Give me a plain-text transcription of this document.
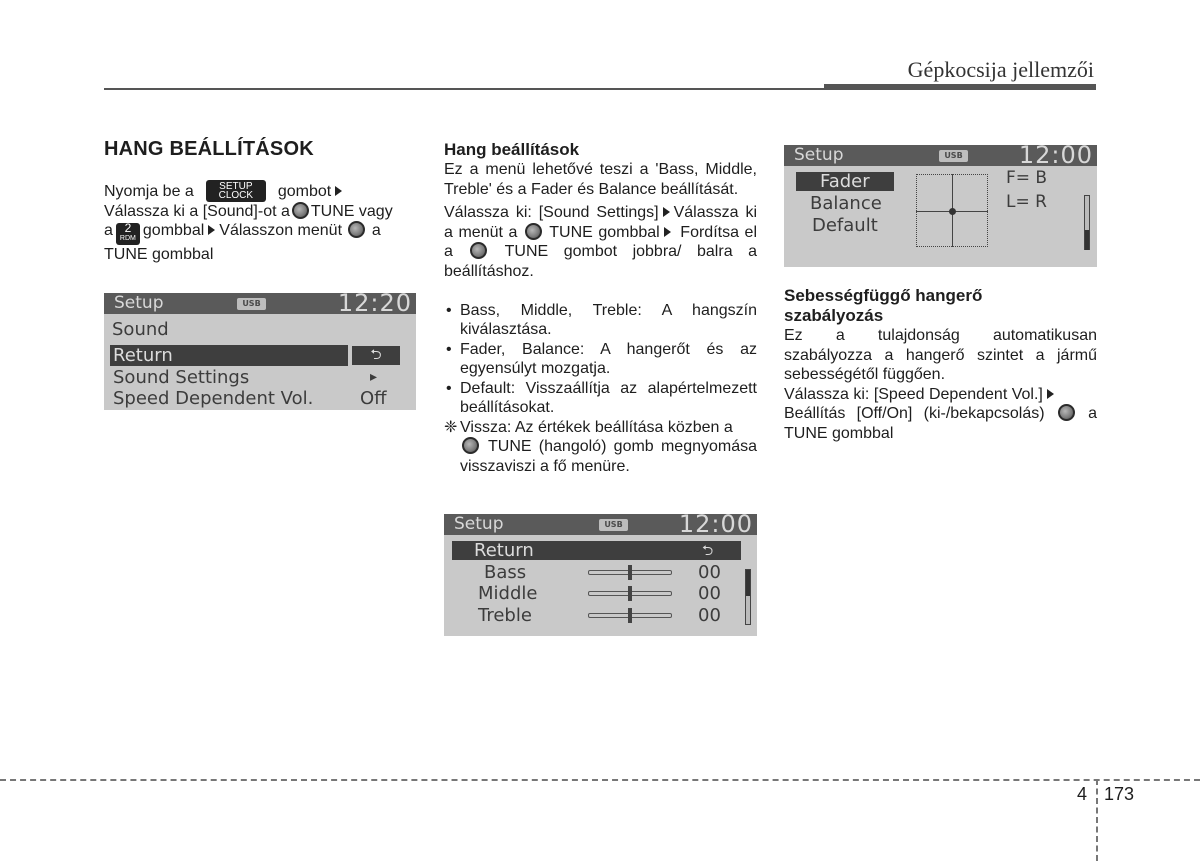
Gépkocsija jellemzői
HANG BEÁLLÍTÁSOK
Nyomja be a	SETUP
CLOCK gombot
Válassza ki a [Sound]-ot a TUNE vagy
a 2
RDM gombbal Válasszon menüt a
TUNE gombbal
Setup	USB	12:20
Sound
Return	⮌
Sound Settings	▸
Speed Dependent Vol.	Off
Hang beállítások
Ez a menü lehetővé teszi a 'Bass, Middle, Treble' és a Fader és Balance beállítását.
Válassza ki: [Sound Settings] Válassza ki a menüt a TUNE gombbal Fordítsa el a	TUNE gombot jobbra/ balra a beállításhoz.
• Bass, Middle, Treble: A hangszín kiválasztása.
• Fader, Balance: A hangerőt és az egyensúlyt mozgatja.
• Default: Visszaállítja az alapértelmezett beállításokat.
❈ Vissza: Az értékek beállítása közben a
TUNE (hangoló) gomb megnyomása visszaviszi a fő menüre.
Setup	USB 12:00
Return	⮌
Bass	00
Middle	00
Treble	00
Setup	USB 12:00
Fader
Balance
Default
F= B
L= R
Sebességfüggő hangerő
szabályozás
Ez a tulajdonság automatikusan szabályozza a hangerő szintet a jármű sebességétől függően.
Válassza ki: [Speed Dependent Vol.]
Beállítás [Off/On] (ki-/bekapcsolás)	a TUNE gombbal
4 173
